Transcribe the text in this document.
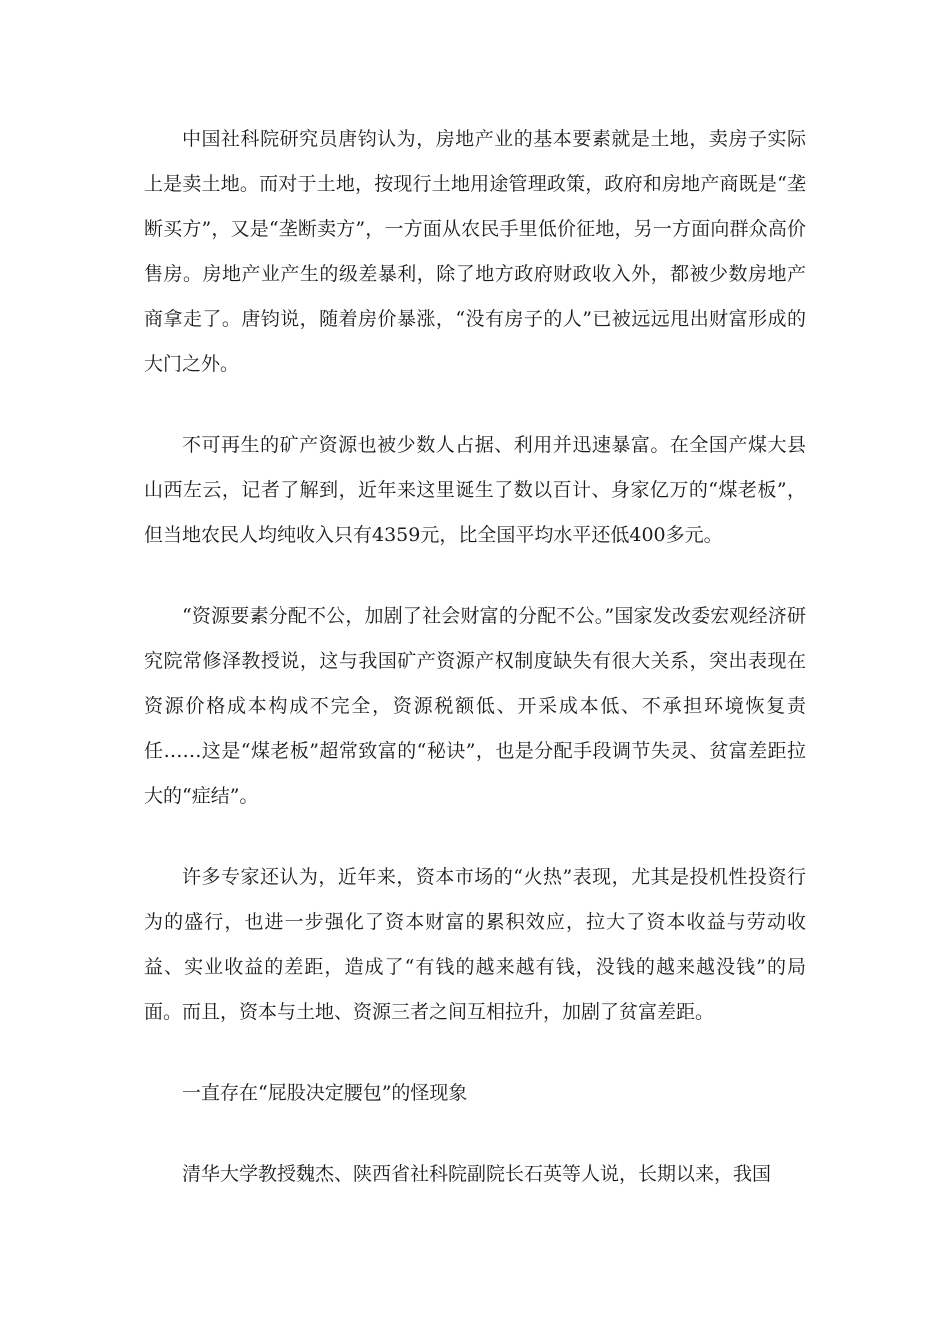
中国社科院研究员唐钧认为，房地产业的基本要素就是土地，卖房子实际上是卖土地。而对于土地，按现行土地用途管理政策，政府和房地产商既是“垄断买方”，又是“垄断卖方”，一方面从农民手里低价征地，另一方面向群众高价售房。房地产业产生的级差暴利，除了地方政府财政收入外，都被少数房地产商拿走了。唐钧说，随着房价暴涨，“没有房子的人”已被远远甩出财富形成的大门之外。

不可再生的矿产资源也被少数人占据、利用并迅速暴富。在全国产煤大县山西左云，记者了解到，近年来这里诞生了数以百计、身家亿万的“煤老板”，但当地农民人均纯收入只有4359元，比全国平均水平还低400多元。

“资源要素分配不公，加剧了社会财富的分配不公。”国家发改委宏观经济研究院常修泽教授说，这与我国矿产资源产权制度缺失有很大关系，突出表现在资源价格成本构成不完全，资源税额低、开采成本低、不承担环境恢复责任……这是“煤老板”超常致富的“秘诀”，也是分配手段调节失灵、贫富差距拉大的“症结”。

许多专家还认为，近年来，资本市场的“火热”表现，尤其是投机性投资行为的盛行，也进一步强化了资本财富的累积效应，拉大了资本收益与劳动收益、实业收益的差距，造成了“有钱的越来越有钱，没钱的越来越没钱”的局面。而且，资本与土地、资源三者之间互相拉升，加剧了贫富差距。

一直存在“屁股决定腰包”的怪现象

清华大学教授魏杰、陕西省社科院副院长石英等人说，长期以来，我国
